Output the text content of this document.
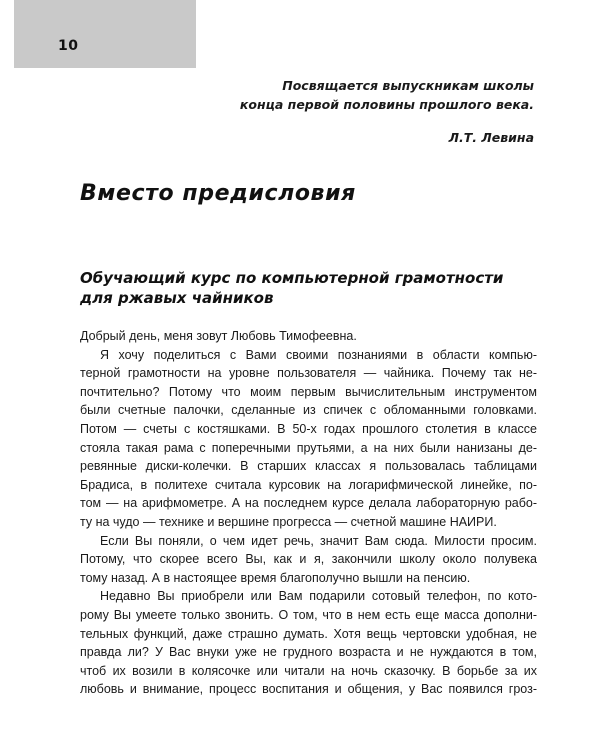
10
Посвящается выпускникам школы
конца первой половины прошлого века.
Л.Т. Левина
Вместо предисловия
Обучающий курс по компьютерной грамотности
для ржавых чайников
Добрый день, меня зовут Любовь Тимофеевна.
Я хочу поделиться с Вами своими познаниями в области компью-
терной грамотности на уровне пользователя — чайника. Почему так не-
почтительно? Потому что моим первым вычислительным инструментом
были счетные палочки, сделанные из спичек с обломанными головками.
Потом — счеты с костяшками. В 50-х годах прошлого столетия в классе
стояла такая рама с поперечными прутьями, а на них были нанизаны де-
ревянные диски-колечки. В старших классах я пользовалась таблицами
Брадиса, в политехе считала курсовик на логарифмической линейке, по-
том — на арифмометре. А на последнем курсе делала лабораторную рабо-
ту на чудо — технике и вершине прогресса — счетной машине НАИРИ.
Если Вы поняли, о чем идет речь, значит Вам сюда. Милости просим.
Потому, что скорее всего Вы, как и я, закончили школу около полувека
тому назад. А в настоящее время благополучно вышли на пенсию.
Недавно Вы приобрели или Вам подарили сотовый телефон, по кото-
рому Вы умеете только звонить. О том, что в нем есть еще масса дополни-
тельных функций, даже страшно думать. Хотя вещь чертовски удобная, не
правда ли? У Вас внуки уже не грудного возраста и не нуждаются в том,
чтоб их возили в колясочке или читали на ночь сказочку. В борьбе за их
любовь и внимание, процесс воспитания и общения, у Вас появился гроз-
